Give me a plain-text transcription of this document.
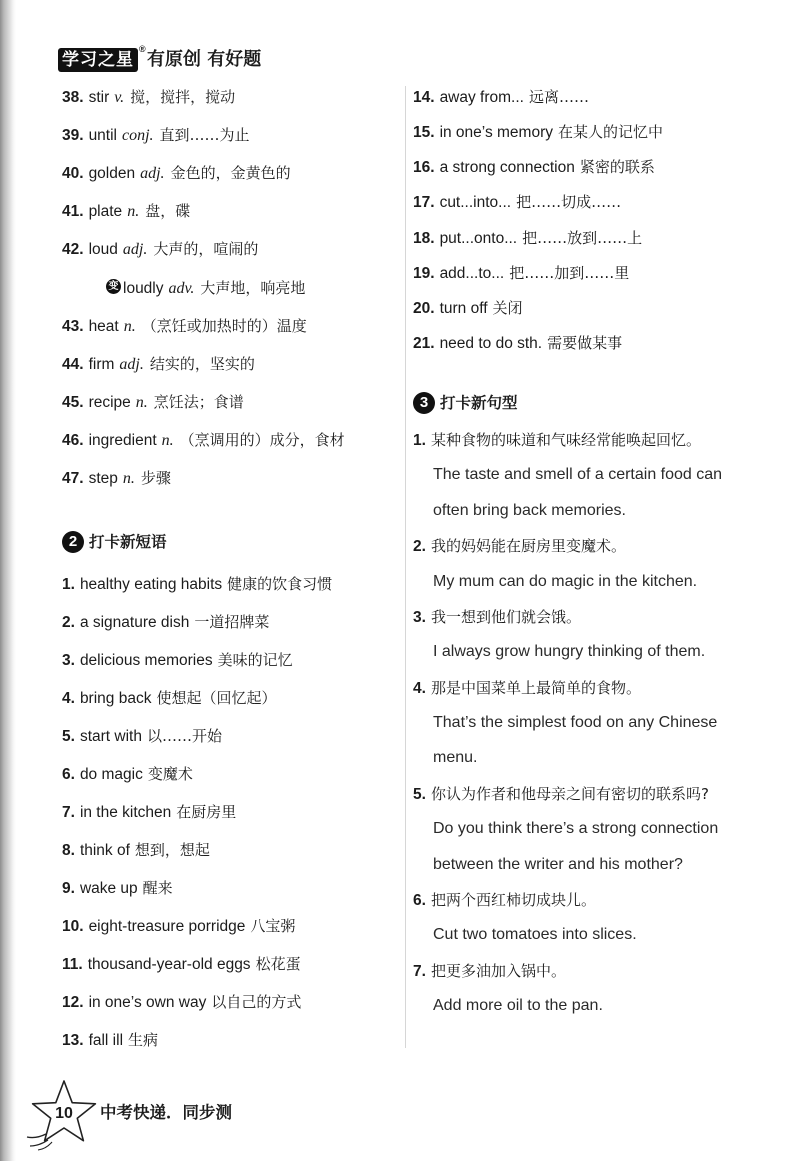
学习之星
® 有原创 有好题
2 打卡新短语
3 打卡新句型
38. stir v. 搅，搅拌，搅动
39. until conj. 直到……为止
40. golden adj. 金色的，金黄色的
41. plate n. 盘，碟
42. loud adj. 大声的，喧闹的
变 loudly adv. 大声地，响亮地
43. heat n. （烹饪或加热时的）温度
44. firm adj. 结实的，坚实的
45. recipe n. 烹饪法；食谱
46. ingredient n. （烹调用的）成分，食材
47. step n. 步骤
1. healthy eating habits 健康的饮食习惯
2. a signature dish 一道招牌菜
3. delicious memories 美味的记忆
4. bring back 使想起（回忆起）
5. start with 以……开始
6. do magic 变魔术
7. in the kitchen 在厨房里
8. think of 想到，想起
9. wake up 醒来
10. eight-treasure porridge 八宝粥
11. thousand-year-old eggs 松花蛋
12. in one’s own way 以自己的方式
13. fall ill 生病
14. away from... 远离……
15. in one’s memory 在某人的记忆中
16. a strong connection 紧密的联系
17. cut...into... 把……切成……
18. put...onto... 把……放到……上
19. add...to... 把……加到……里
20. turn off 关闭
21. need to do sth. 需要做某事
1. 某种食物的味道和气味经常能唤起回忆。
The taste and smell of a certain food can
often bring back memories.
2. 我的妈妈能在厨房里变魔术。
My mum can do magic in the kitchen.
3. 我一想到他们就会饿。
I always grow hungry thinking of them.
4. 那是中国菜单上最简单的食物。
That’s the simplest food on any Chinese
menu.
5. 你认为作者和他母亲之间有密切的联系吗?
Do you think there’s a strong connection
between the writer and his mother?
6. 把两个西红柿切成块儿。
Cut two tomatoes into slices.
7. 把更多油加入锅中。
Add more oil to the pan.
10 中考快递．同步测
